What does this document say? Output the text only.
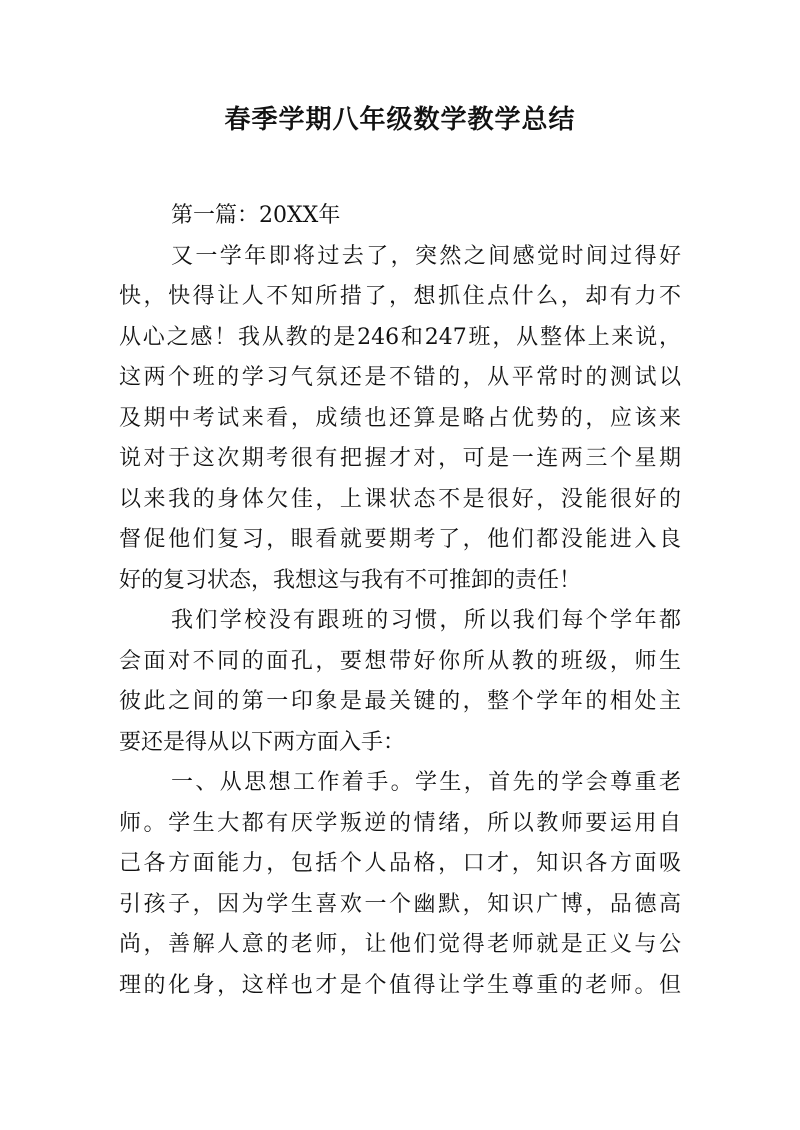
春季学期八年级数学教学总结
第一篇：20XX年
又一学年即将过去了，突然之间感觉时间过得好
快，快得让人不知所措了，想抓住点什么，却有力不
从心之感！我从教的是246和247班，从整体上来说，
这两个班的学习气氛还是不错的，从平常时的测试以
及期中考试来看，成绩也还算是略占优势的，应该来
说对于这次期考很有把握才对，可是一连两三个星期
以来我的身体欠佳，上课状态不是很好，没能很好的
督促他们复习，眼看就要期考了，他们都没能进入良
好的复习状态，我想这与我有不可推卸的责任！
我们学校没有跟班的习惯，所以我们每个学年都
会面对不同的面孔，要想带好你所从教的班级，师生
彼此之间的第一印象是最关键的，整个学年的相处主
要还是得从以下两方面入手：
一、从思想工作着手。学生，首先的学会尊重老
师。学生大都有厌学叛逆的情绪，所以教师要运用自
己各方面能力，包括个人品格，口才，知识各方面吸
引孩子，因为学生喜欢一个幽默，知识广博，品德高
尚，善解人意的老师，让他们觉得老师就是正义与公
理的化身，这样也才是个值得让学生尊重的老师。但
